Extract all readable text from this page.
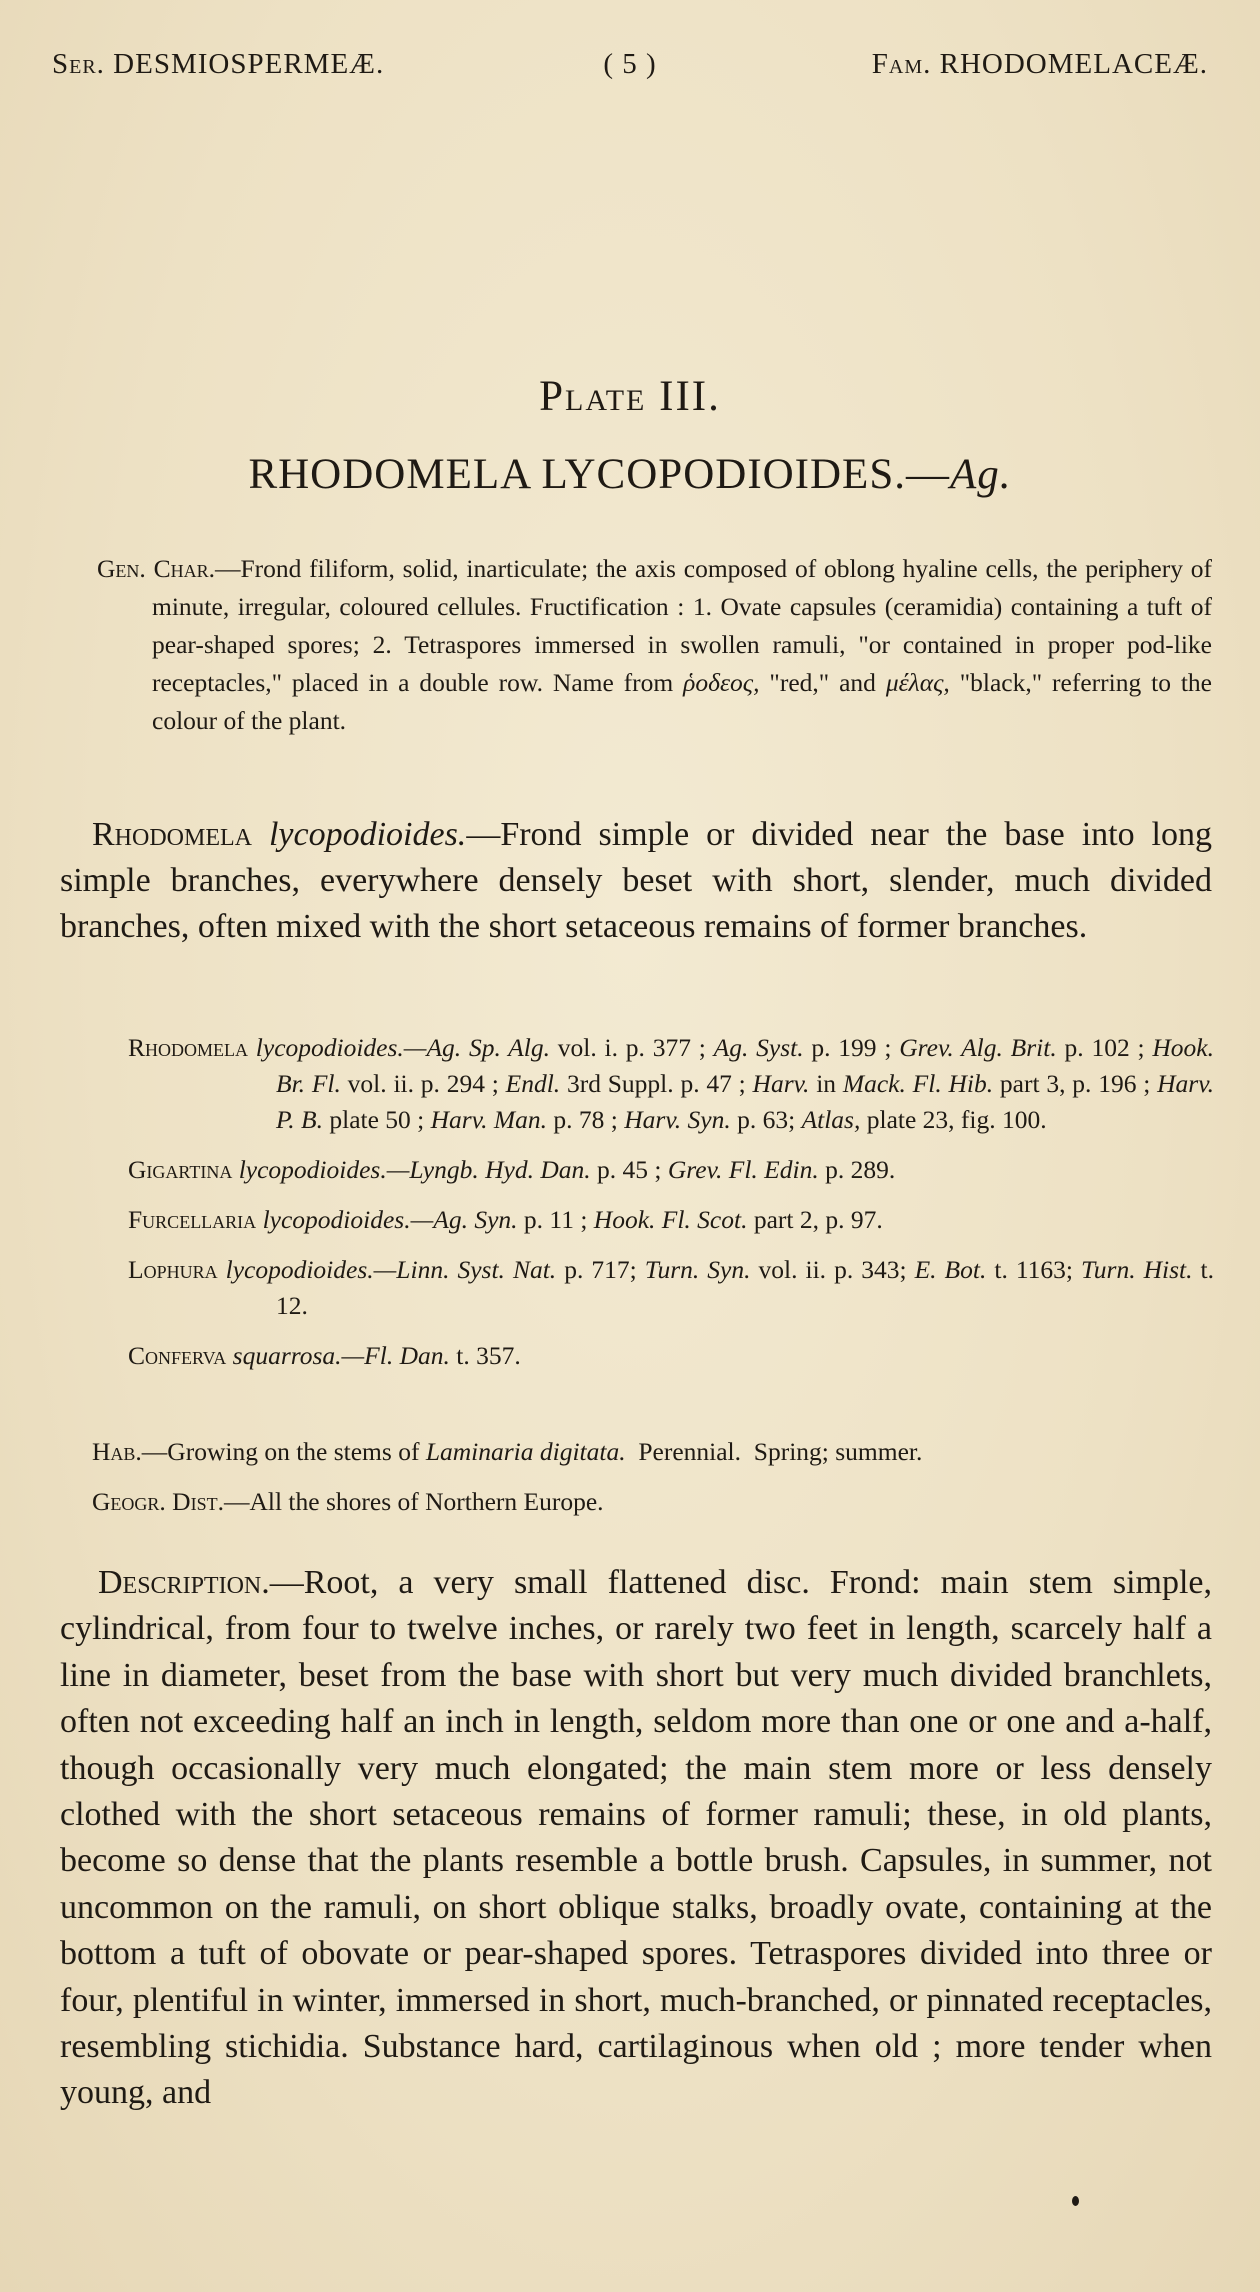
Ser. DESMIOSPERMEÆ.	( 5 )	Fam. RHODOMELACEÆ.
Plate III.
RHODOMELA LYCOPODIOIDES.—Ag.

Gen. Char.—Frond filiform, solid, inarticulate; the axis composed of oblong hyaline cells, the periphery of minute, irregular, coloured cellules. Fructification : 1. Ovate capsules (ceramidia) containing a tuft of pear-shaped spores; 2. Tetraspores immersed in swollen ramuli, "or contained in proper pod-like receptacles," placed in a double row. Name from ῥοδεος, "red," and μέλας, "black," referring to the colour of the plant.

Rhodomela lycopodioides.—Frond simple or divided near the base into long simple branches, everywhere densely beset with short, slender, much divided branches, often mixed with the short setaceous remains of former branches.

Rhodomela lycopodioides.—Ag. Sp. Alg. vol. i. p. 377 ; Ag. Syst. p. 199 ; Grev. Alg. Brit. p. 102 ; Hook. Br. Fl. vol. ii. p. 294 ; Endl. 3rd Suppl. p. 47 ; Harv. in Mack. Fl. Hib. part 3, p. 196 ; Harv. P. B. plate 50 ; Harv. Man. p. 78 ; Harv. Syn. p. 63; Atlas, plate 23, fig. 100.

Gigartina lycopodioides.—Lyngb. Hyd. Dan. p. 45 ; Grev. Fl. Edin. p. 289.

Furcellaria lycopodioides.—Ag. Syn. p. 11 ; Hook. Fl. Scot. part 2, p. 97.

Lophura lycopodioides.—Linn. Syst. Nat. p. 717; Turn. Syn. vol. ii. p. 343; E. Bot. t. 1163; Turn. Hist. t. 12.

Conferva squarrosa.—Fl. Dan. t. 357.

Hab.—Growing on the stems of Laminaria digitata.  Perennial.  Spring; summer.

Geogr. Dist.—All the shores of Northern Europe.

Description.—Root, a very small flattened disc. Frond: main stem simple, cylindrical, from four to twelve inches, or rarely two feet in length, scarcely half a line in diameter, beset from the base with short but very much divided branchlets, often not exceeding half an inch in length, seldom more than one or one and a-half, though occasionally very much elongated; the main stem more or less densely clothed with the short setaceous remains of former ramuli; these, in old plants, become so dense that the plants resemble a bottle brush. Capsules, in summer, not uncommon on the ramuli, on short oblique stalks, broadly ovate, containing at the bottom a tuft of obovate or pear-shaped spores. Tetraspores divided into three or four, plentiful in winter, immersed in short, much-branched, or pinnated receptacles, resembling stichidia. Substance hard, cartilaginous when old ; more tender when young, and
